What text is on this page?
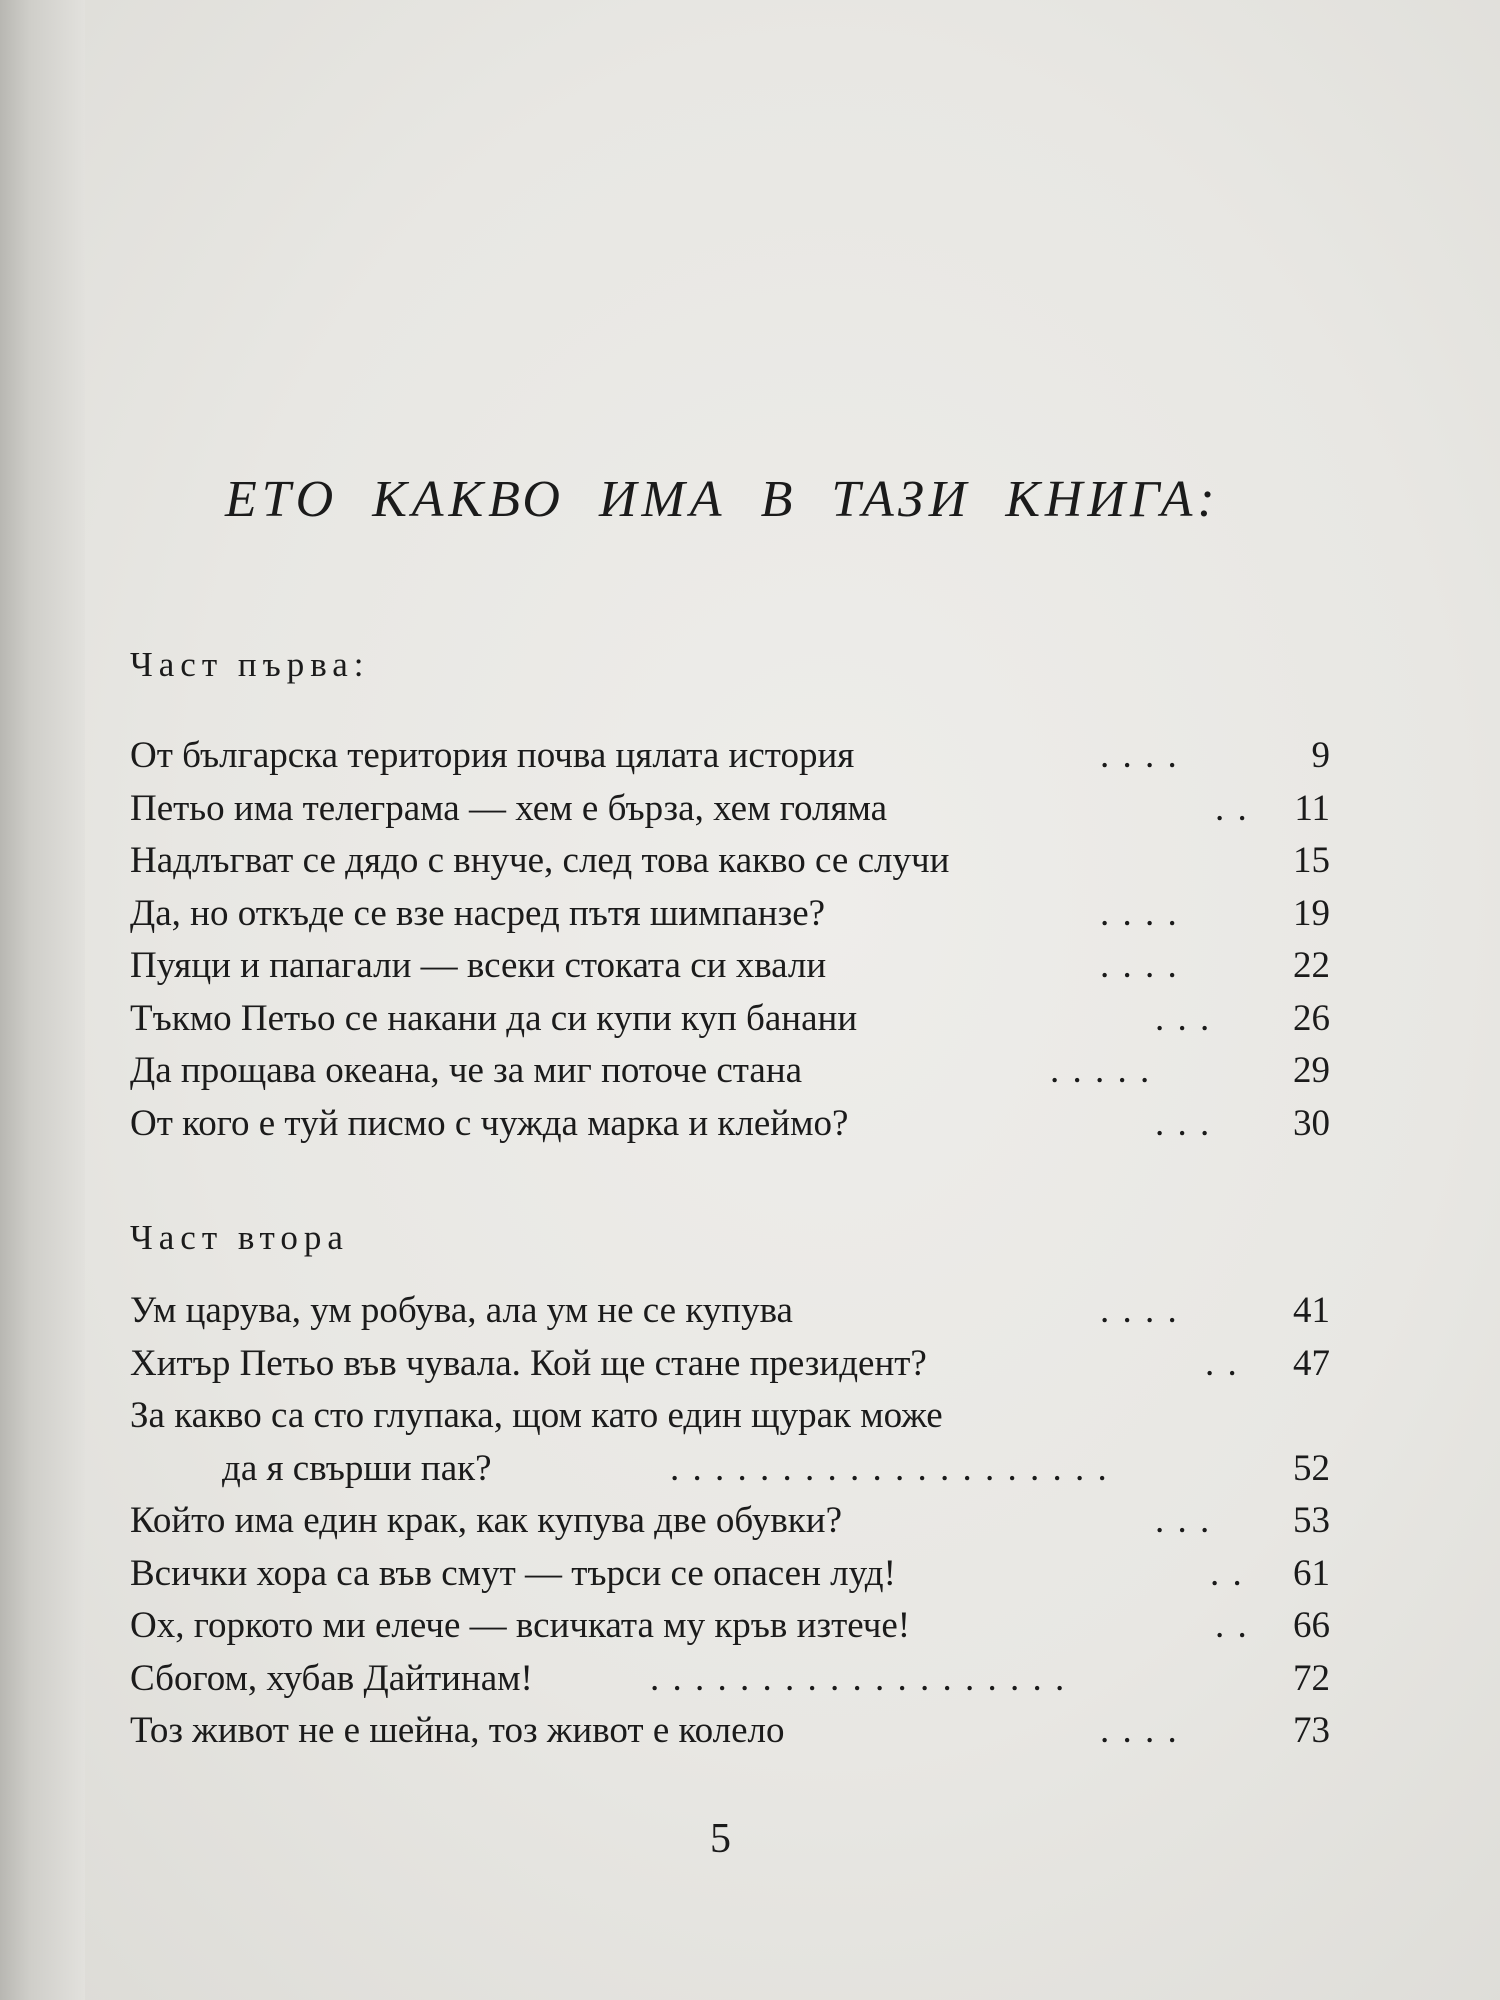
ЕТО КАКВО ИМА В ТАЗИ КНИГА:
Част първа:
От българска територия почва цялата история	. . . .	9
Петьо има телеграма — хем е бърза, хем голяма	. .	11
Надлъгват се дядо с внуче, след това какво се случи	15
Да, но откъде се взе насред пътя шимпанзе?	. . . .	19
Пуяци и папагали — всеки стоката си хвали	. . . .	22
Тъкмо Петьо се накани да си купи куп банани	. . .	26
Да прощава океана, че за миг поточе стана	. . . . .	29
От кого е туй писмо с чужда марка и клеймо?	. . .	30
Част втора
Ум царува, ум робува, ала ум не се купува	. . . .	41
Хитър Петьо във чувала. Кой ще стане президент?	. .	47
За какво са сто глупака, щом като един щурак може
да я свърши пак?	. . . . . . . . . . . . . . . . . . . .	52
Който има един крак, как купува две обувки?	. . .	53
Всички хора са във смут — търси се опасен луд!	. .	61
Ох, горкото ми елече — всичката му кръв изтече!	. .	66
Сбогом, хубав Дайтинам!	. . . . . . . . . . . . . . . . . . .	72
Тоз живот не е шейна, тоз живот е колело	. . . .	73
5
